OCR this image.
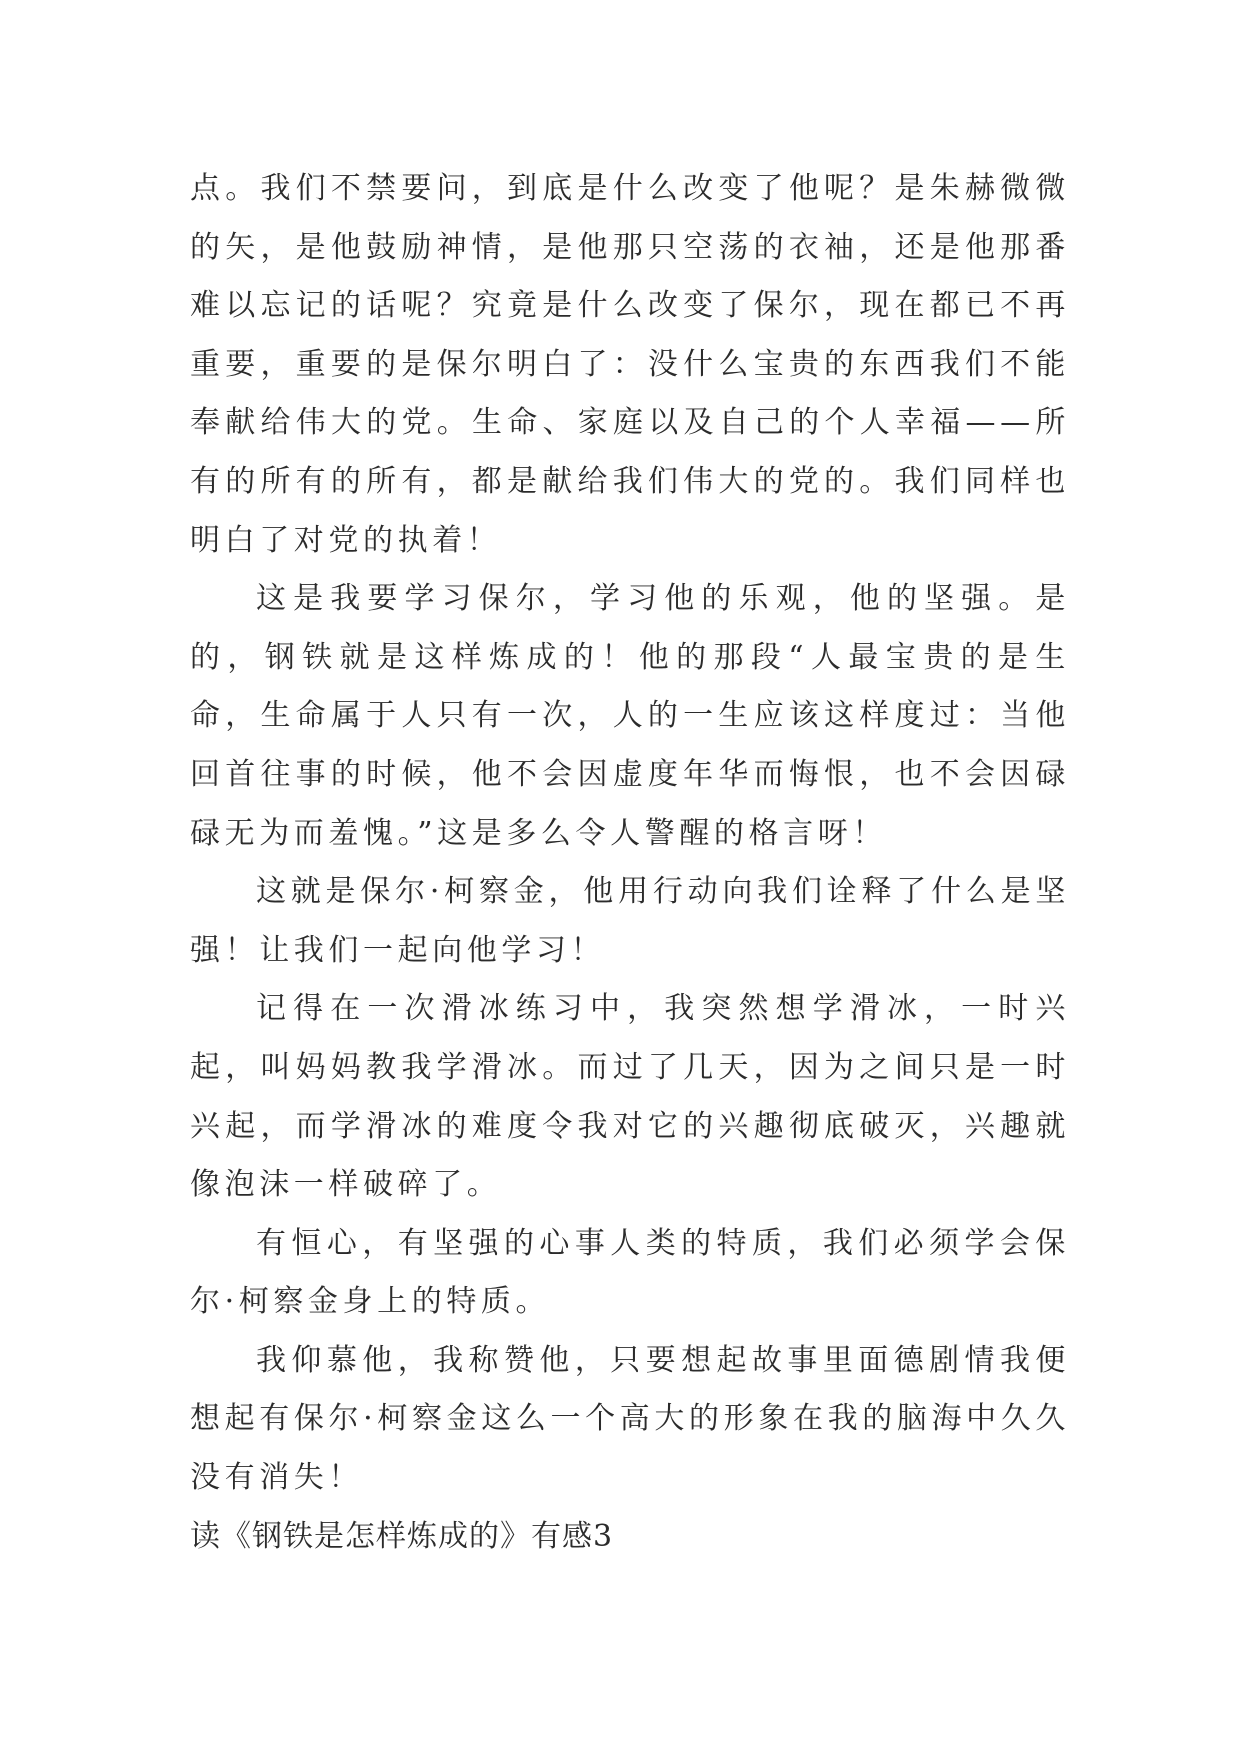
点。我们不禁要问，到底是什么改变了他呢？是朱赫微微的矢，是他鼓励神情，是他那只空荡的衣袖，还是他那番难以忘记的话呢？究竟是什么改变了保尔，现在都已不再重要，重要的是保尔明白了：没什么宝贵的东西我们不能奉献给伟大的党。生命、家庭以及自己的个人幸福——所有的所有的所有，都是献给我们伟大的党的。我们同样也明白了对党的执着！

这是我要学习保尔，学习他的乐观，他的坚强。是的，钢铁就是这样炼成的！他的那段“人最宝贵的是生命，生命属于人只有一次，人的一生应该这样度过：当他回首往事的时候，他不会因虚度年华而悔恨，也不会因碌碌无为而羞愧。”这是多么令人警醒的格言呀！

这就是保尔·柯察金，他用行动向我们诠释了什么是坚强！让我们一起向他学习！

记得在一次滑冰练习中，我突然想学滑冰，一时兴起，叫妈妈教我学滑冰。而过了几天，因为之间只是一时兴起，而学滑冰的难度令我对它的兴趣彻底破灭，兴趣就像泡沫一样破碎了。

有恒心，有坚强的心事人类的特质，我们必须学会保尔·柯察金身上的特质。

我仰慕他，我称赞他，只要想起故事里面德剧情我便想起有保尔·柯察金这么一个高大的形象在我的脑海中久久没有消失！

读《钢铁是怎样炼成的》有感3
